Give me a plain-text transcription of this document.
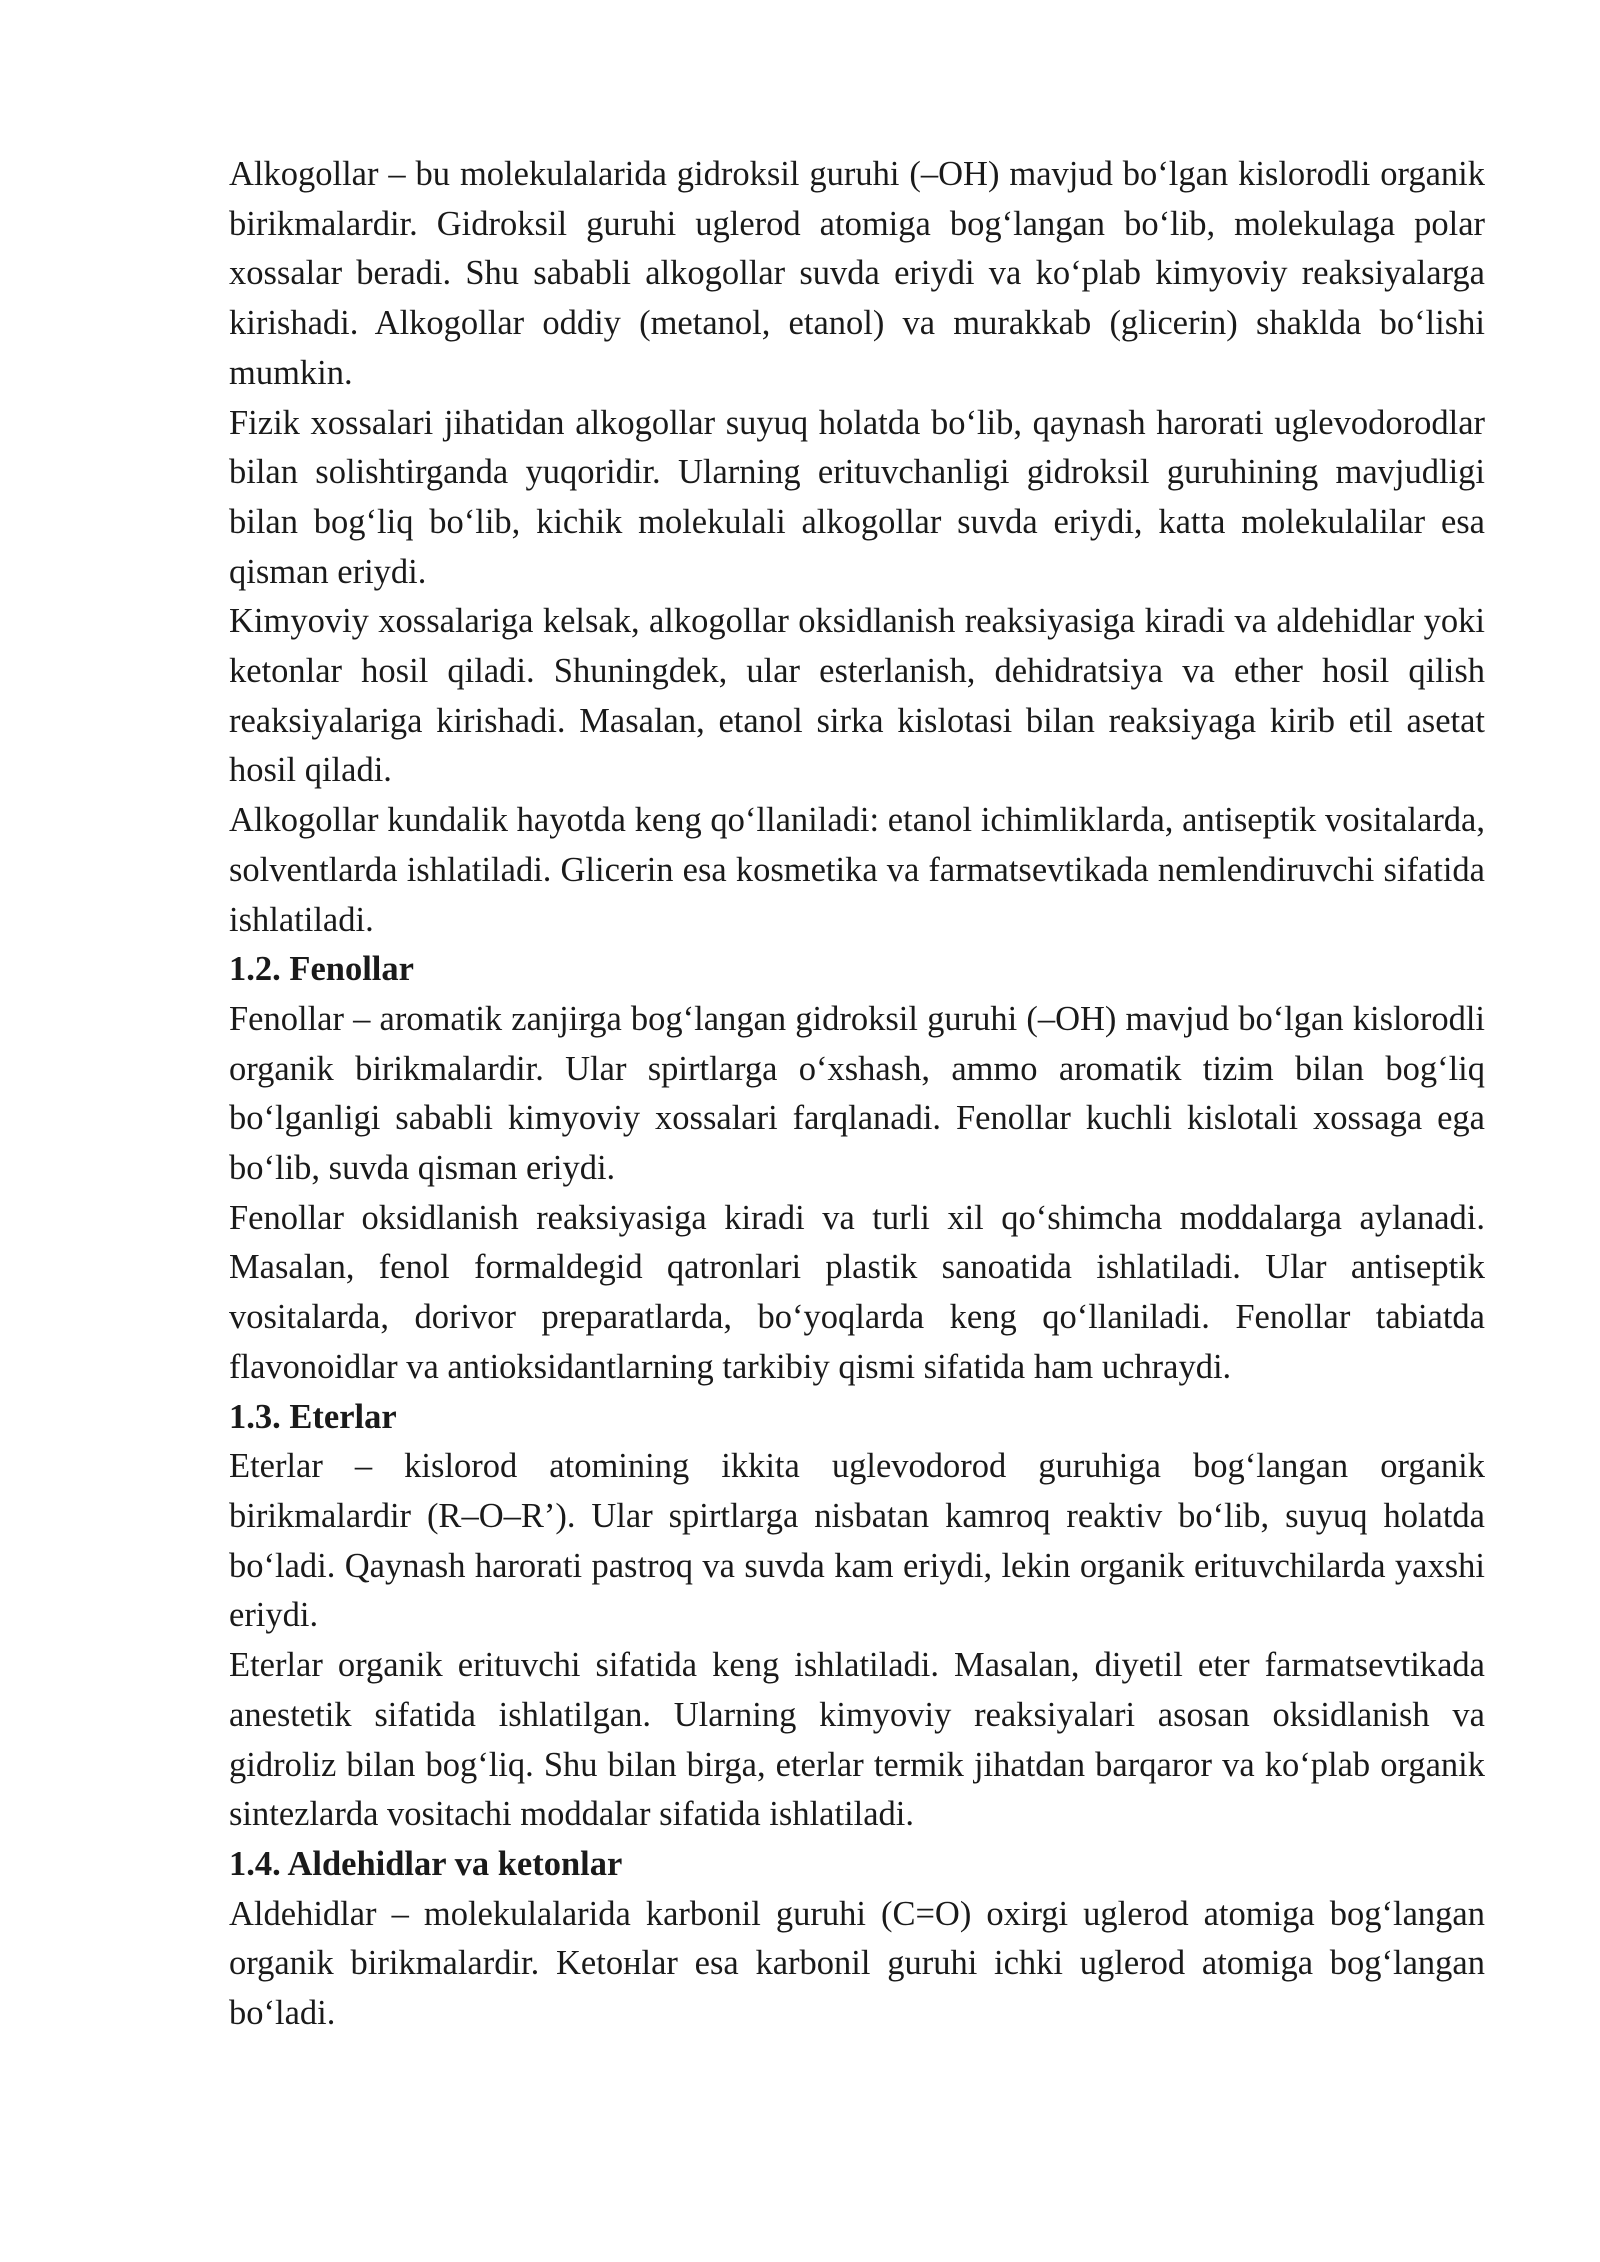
Alkogollar – bu molekulalarida gidroksil guruhi (–OH) mavjud bo‘lgan kislorodli organik birikmalardir. Gidroksil guruhi uglerod atomiga bog‘langan bo‘lib, molekulaga polar xossalar beradi. Shu sababli alkogollar suvda eriydi va ko‘plab kimyoviy reaksiyalarga kirishadi. Alkogollar oddiy (metanol, etanol) va murakkab (glicerin) shaklda bo‘lishi mumkin.

Fizik xossalari jihatidan alkogollar suyuq holatda bo‘lib, qaynash harorati uglevodorodlar bilan solishtirganda yuqoridir. Ularning erituvchanligi gidroksil guruhining mavjudligi bilan bog‘liq bo‘lib, kichik molekulali alkogollar suvda eriydi, katta molekulalilar esa qisman eriydi.

Kimyoviy xossalariga kelsak, alkogollar oksidlanish reaksiyasiga kiradi va aldehidlar yoki ketonlar hosil qiladi. Shuningdek, ular esterlanish, dehidratsiya va ether hosil qilish reaksiyalariga kirishadi. Masalan, etanol sirka kislotasi bilan reaksiyaga kirib etil asetat hosil qiladi.

Alkogollar kundalik hayotda keng qo‘llaniladi: etanol ichimliklarda, antiseptik vositalarda, solventlarda ishlatiladi. Glicerin esa kosmetika va farmatsevtikada nemlendiruvchi sifatida ishlatiladi.

1.2. Fenollar

Fenollar – aromatik zanjirga bog‘langan gidroksil guruhi (–OH) mavjud bo‘lgan kislorodli organik birikmalardir. Ular spirtlarga o‘xshash, ammo aromatik tizim bilan bog‘liq bo‘lganligi sababli kimyoviy xossalari farqlanadi. Fenollar kuchli kislotali xossaga ega bo‘lib, suvda qisman eriydi.

Fenollar oksidlanish reaksiyasiga kiradi va turli xil qo‘shimcha moddalarga aylanadi. Masalan, fenol formaldegid qatronlari plastik sanoatida ishlatiladi. Ular antiseptik vositalarda, dorivor preparatlarda, bo‘yoqlarda keng qo‘llaniladi. Fenollar tabiatda flavonoidlar va antioksidantlarning tarkibiy qismi sifatida ham uchraydi.

1.3. Eterlar

Eterlar – kislorod atomining ikkita uglevodorod guruhiga bog‘langan organik birikmalardir (R–O–R’). Ular spirtlarga nisbatan kamroq reaktiv bo‘lib, suyuq holatda bo‘ladi. Qaynash harorati pastroq va suvda kam eriydi, lekin organik erituvchilarda yaxshi eriydi.

Eterlar organik erituvchi sifatida keng ishlatiladi. Masalan, diyetil eter farmatsevtikada anestetik sifatida ishlatilgan. Ularning kimyoviy reaksiyalari asosan oksidlanish va gidroliz bilan bog‘liq. Shu bilan birga, eterlar termik jihatdan barqaror va ko‘plab organik sintezlarda vositachi moddalar sifatida ishlatiladi.

1.4. Aldehidlar va ketonlar

Aldehidlar – molekulalarida karbonil guruhi (C=O) oxirgi uglerod atomiga bog‘langan organik birikmalardir. Ketонlar esa karbonil guruhi ichki uglerod atomiga bog‘langan bo‘ladi.
